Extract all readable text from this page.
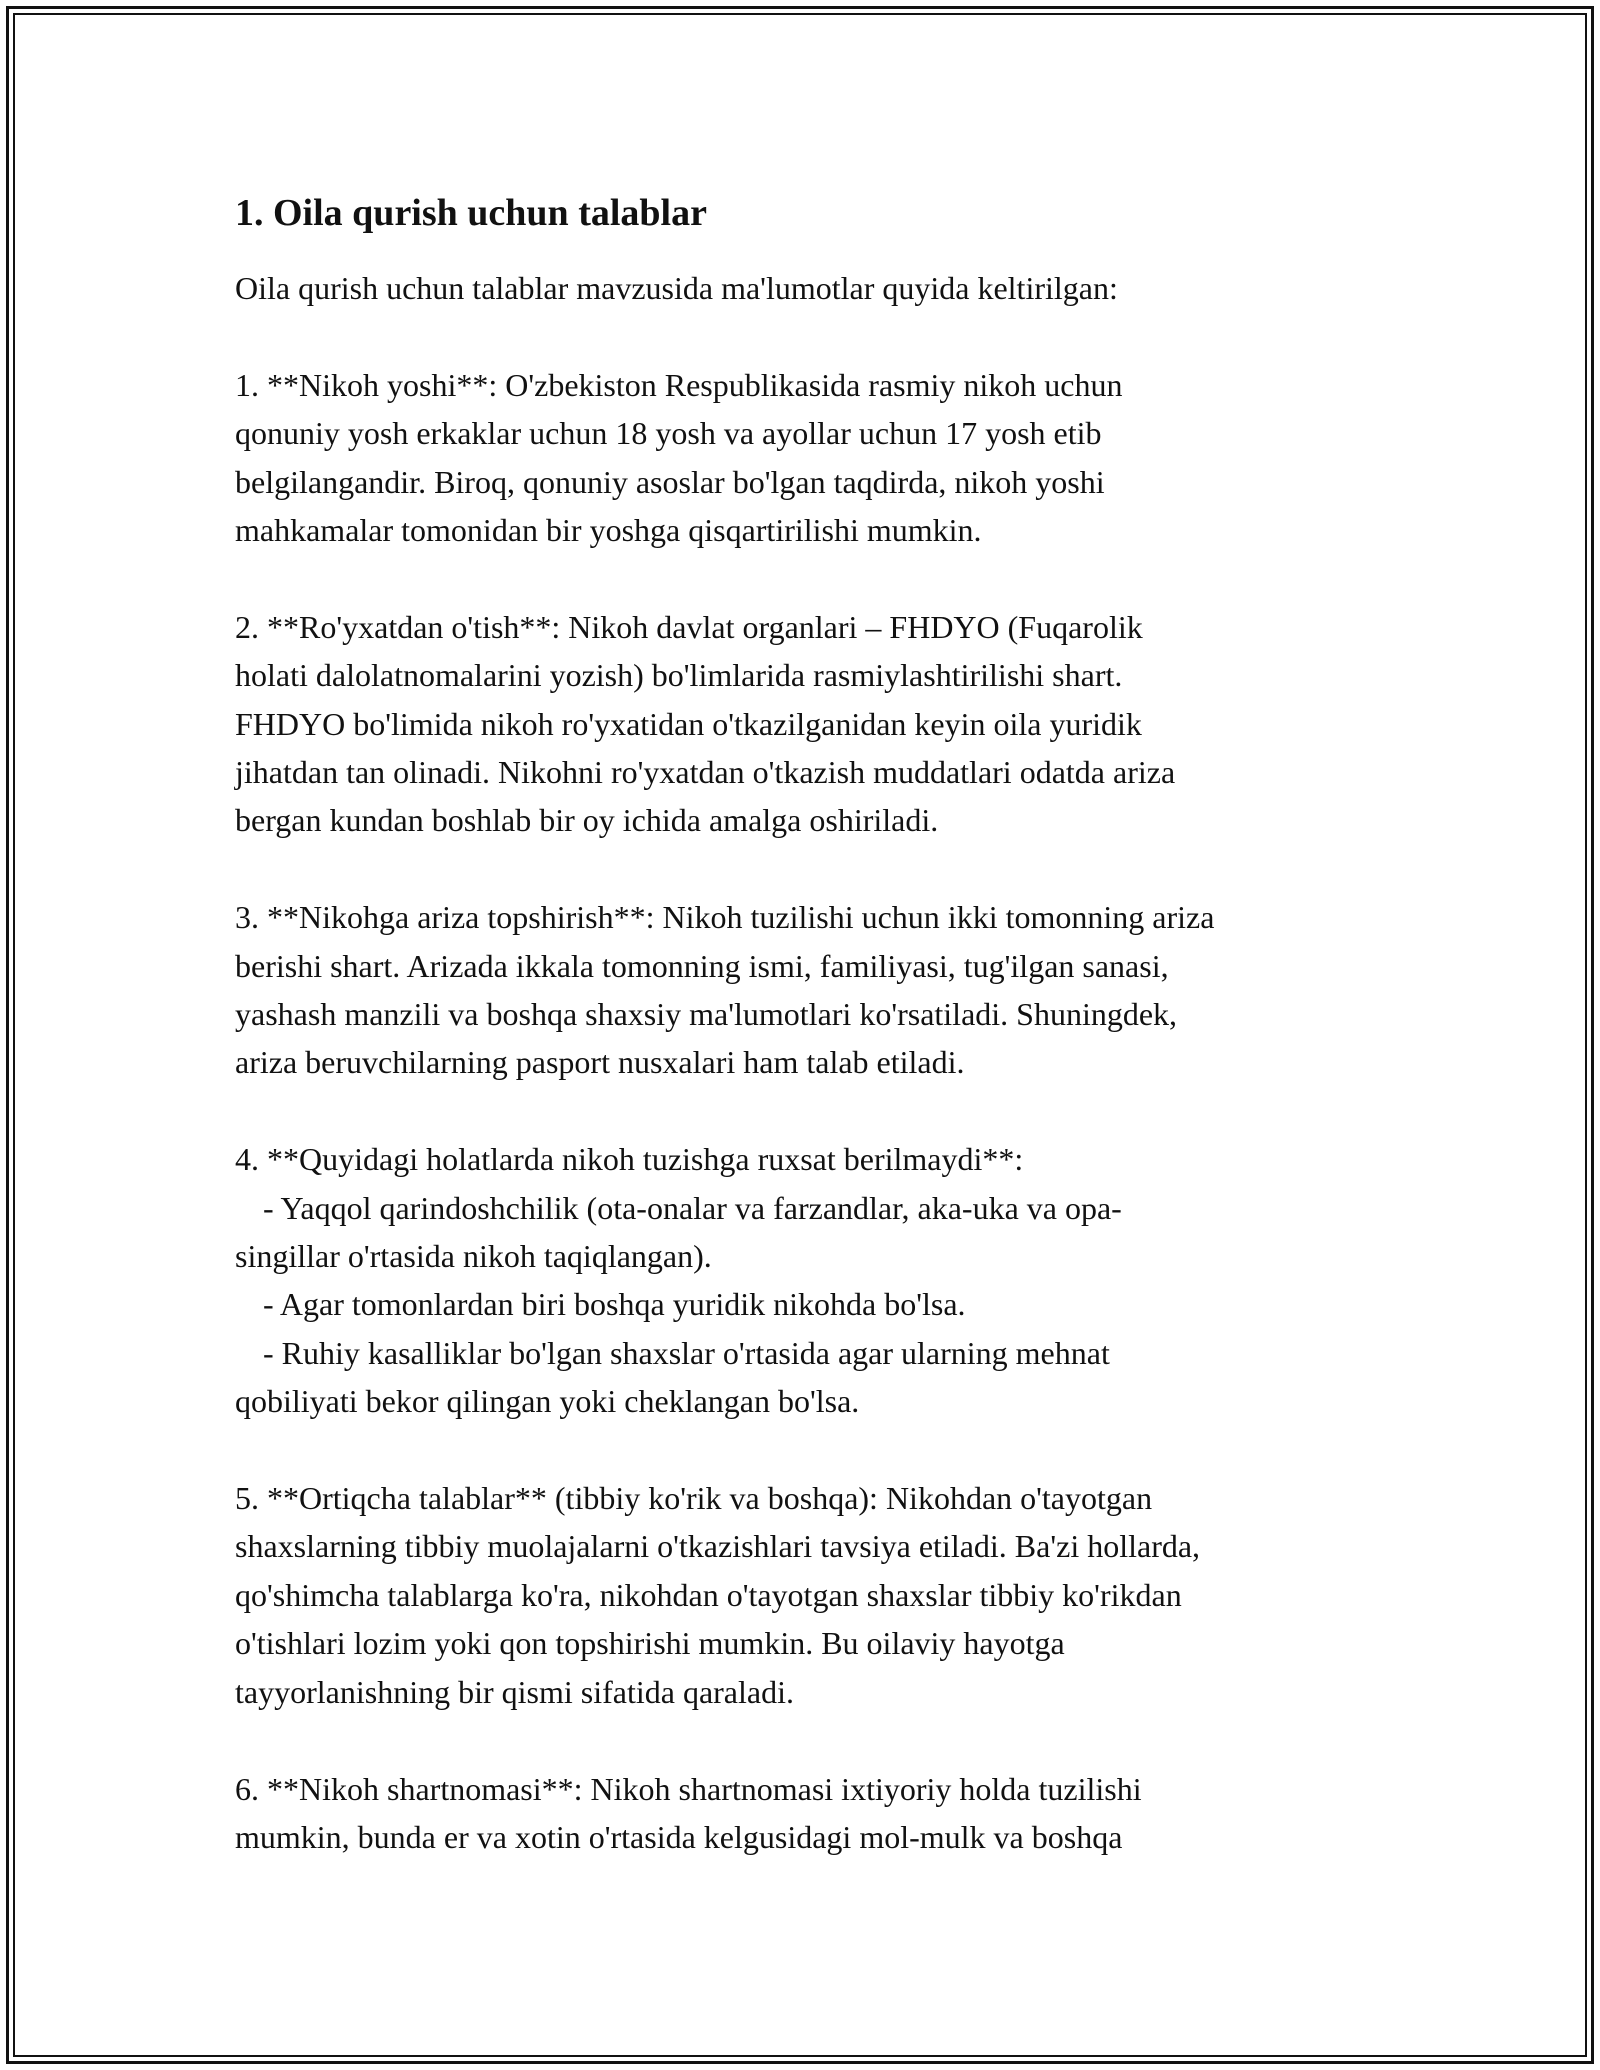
1. Oila qurish uchun talablar

Oila qurish uchun talablar mavzusida ma'lumotlar quyida keltirilgan:

1. **Nikoh yoshi**: O'zbekiston Respublikasida rasmiy nikoh uchun

qonuniy yosh erkaklar uchun 18 yosh va ayollar uchun 17 yosh etib

belgilangandir. Biroq, qonuniy asoslar bo'lgan taqdirda, nikoh yoshi

mahkamalar tomonidan bir yoshga qisqartirilishi mumkin.

2. **Ro'yxatdan o'tish**: Nikoh davlat organlari – FHDYO (Fuqarolik

holati dalolatnomalarini yozish) bo'limlarida rasmiylashtirilishi shart.

FHDYO bo'limida nikoh ro'yxatidan o'tkazilganidan keyin oila yuridik

jihatdan tan olinadi. Nikohni ro'yxatdan o'tkazish muddatlari odatda ariza

bergan kundan boshlab bir oy ichida amalga oshiriladi.

3. **Nikohga ariza topshirish**: Nikoh tuzilishi uchun ikki tomonning ariza

berishi shart. Arizada ikkala tomonning ismi, familiyasi, tug'ilgan sanasi,

yashash manzili va boshqa shaxsiy ma'lumotlari ko'rsatiladi. Shuningdek,

ariza beruvchilarning pasport nusxalari ham talab etiladi.

4. **Quyidagi holatlarda nikoh tuzishga ruxsat berilmaydi**:

- Yaqqol qarindoshchilik (ota-onalar va farzandlar, aka-uka va opa-

singillar o'rtasida nikoh taqiqlangan).

- Agar tomonlardan biri boshqa yuridik nikohda bo'lsa.

- Ruhiy kasalliklar bo'lgan shaxslar o'rtasida agar ularning mehnat

qobiliyati bekor qilingan yoki cheklangan bo'lsa.

5. **Ortiqcha talablar** (tibbiy ko'rik va boshqa): Nikohdan o'tayotgan

shaxslarning tibbiy muolajalarni o'tkazishlari tavsiya etiladi. Ba'zi hollarda,

qo'shimcha talablarga ko'ra, nikohdan o'tayotgan shaxslar tibbiy ko'rikdan

o'tishlari lozim yoki qon topshirishi mumkin. Bu oilaviy hayotga

tayyorlanishning bir qismi sifatida qaraladi.

6. **Nikoh shartnomasi**: Nikoh shartnomasi ixtiyoriy holda tuzilishi

mumkin, bunda er va xotin o'rtasida kelgusidagi mol-mulk va boshqa
